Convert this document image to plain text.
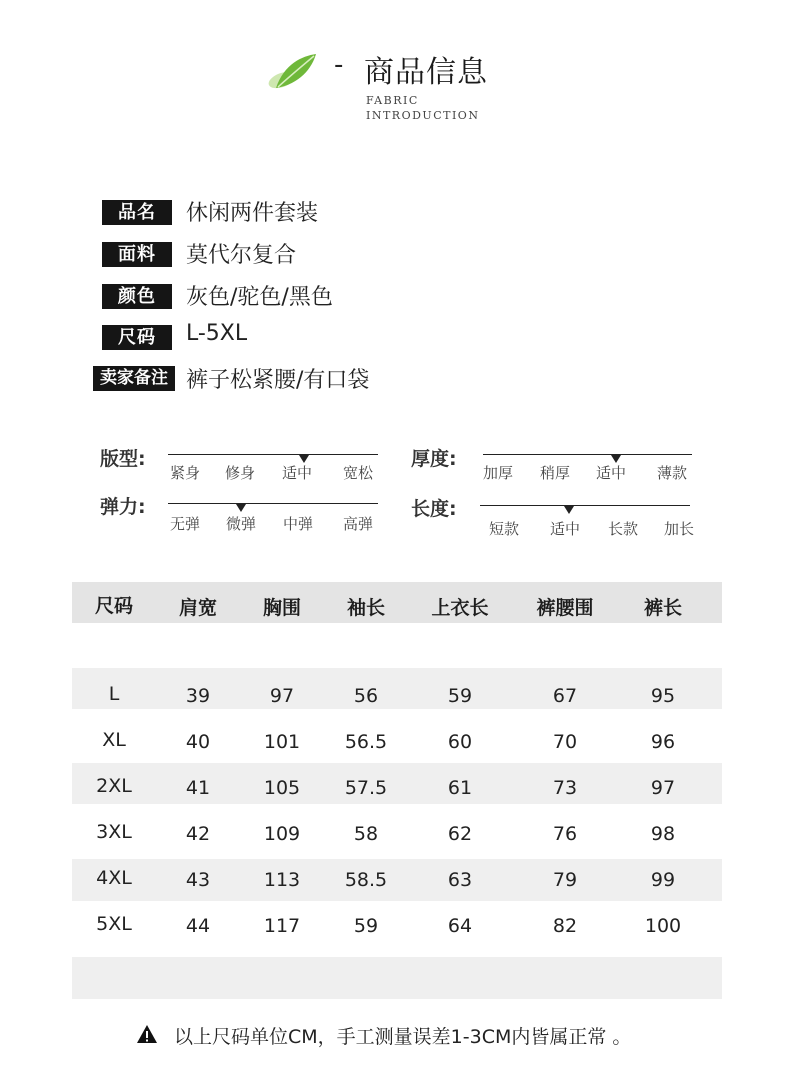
- 商品信息
FABRIC
INTRODUCTION
品名	休闲两件套装
面料	莫代尔复合
颜色	灰色/驼色/黑色
尺码	L-5XL
卖家备注 裤子松紧腰/有口袋
版型:
紧身 修身 适中 宽松
厚度:
加厚 稍厚 适中 薄款
弹力:
无弹 微弹 中弹 高弹
长度:
短款 适中 长款 加长
尺码	肩宽	胸围	袖长	上衣长	裤腰围	裤长
L	39	97	56	59	67	95
XL	40	101	56.5	60	70	96
2XL	41	105	57.5	61	73	97
3XL	42	109	58	62	76	98
4XL	43	113	58.5	63	79	99
5XL	44	117	59	64	82	100
以上尺码单位CM，手工测量误差1-3CM内皆属正常 。
